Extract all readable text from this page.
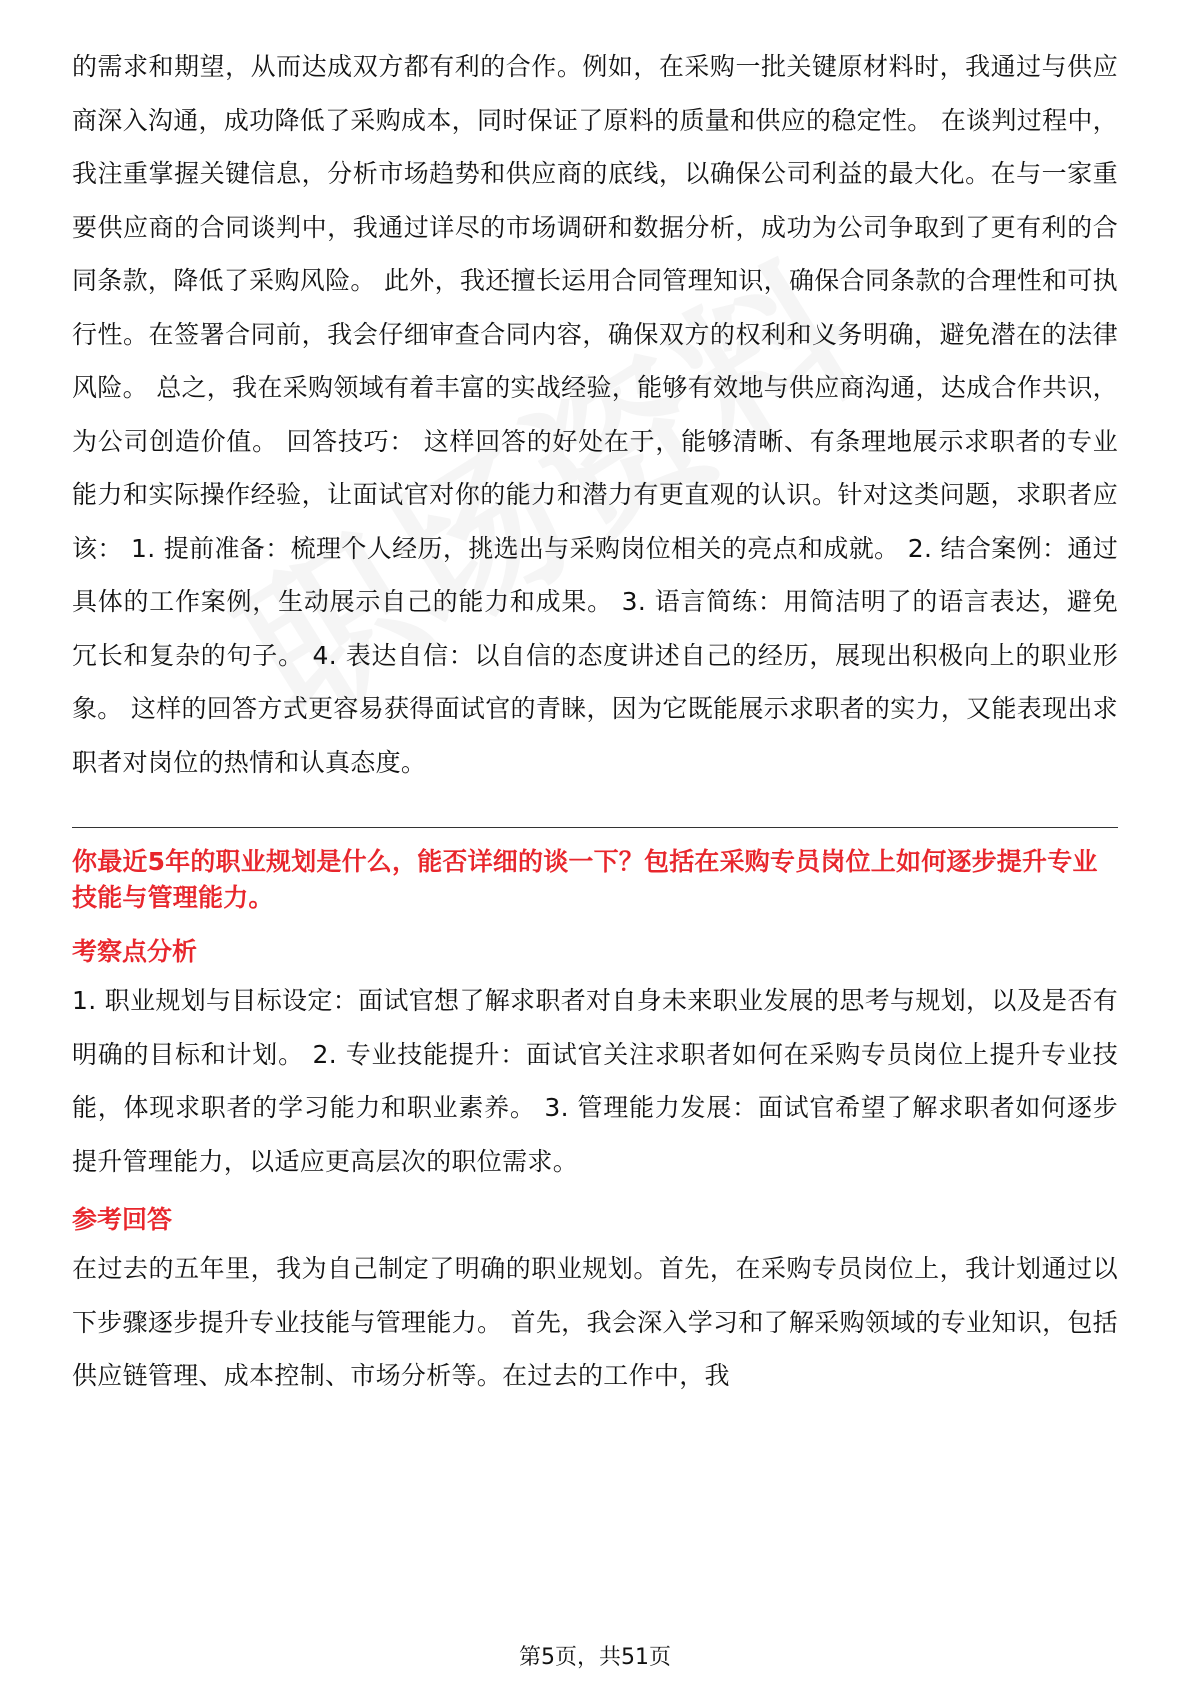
的需求和期望，从而达成双方都有利的合作。例如，在采购一批关键原材料时，我通过与供应商深入沟通，成功降低了采购成本，同时保证了原料的质量和供应的稳定性。 在谈判过程中，我注重掌握关键信息，分析市场趋势和供应商的底线，以确保公司利益的最大化。在与一家重要供应商的合同谈判中，我通过详尽的市场调研和数据分析，成功为公司争取到了更有利的合同条款，降低了采购风险。 此外，我还擅长运用合同管理知识，确保合同条款的合理性和可执行性。在签署合同前，我会仔细审查合同内容，确保双方的权利和义务明确，避免潜在的法律风险。 总之，我在采购领域有着丰富的实战经验，能够有效地与供应商沟通，达成合作共识，为公司创造价值。 回答技巧： 这样回答的好处在于，能够清晰、有条理地展示求职者的专业能力和实际操作经验，让面试官对你的能力和潜力有更直观的认识。针对这类问题，求职者应该： 1. 提前准备：梳理个人经历，挑选出与采购岗位相关的亮点和成就。 2. 结合案例：通过具体的工作案例，生动展示自己的能力和成果。 3. 语言简练：用简洁明了的语言表达，避免冗长和复杂的句子。 4. 表达自信：以自信的态度讲述自己的经历，展现出积极向上的职业形象。 这样的回答方式更容易获得面试官的青睐，因为它既能展示求职者的实力，又能表现出求职者对岗位的热情和认真态度。

你最近5年的职业规划是什么，能否详细的谈一下？包括在采购专员岗位上如何逐步提升专业技能与管理能力。

考察点分析

1. 职业规划与目标设定：面试官想了解求职者对自身未来职业发展的思考与规划，以及是否有明确的目标和计划。 2. 专业技能提升：面试官关注求职者如何在采购专员岗位上提升专业技能，体现求职者的学习能力和职业素养。 3. 管理能力发展：面试官希望了解求职者如何逐步提升管理能力，以适应更高层次的职位需求。

参考回答

在过去的五年里，我为自己制定了明确的职业规划。首先，在采购专员岗位上，我计划通过以下步骤逐步提升专业技能与管理能力。 首先，我会深入学习和了解采购领域的专业知识，包括供应链管理、成本控制、市场分析等。在过去的工作中，我

第5页，共51页
